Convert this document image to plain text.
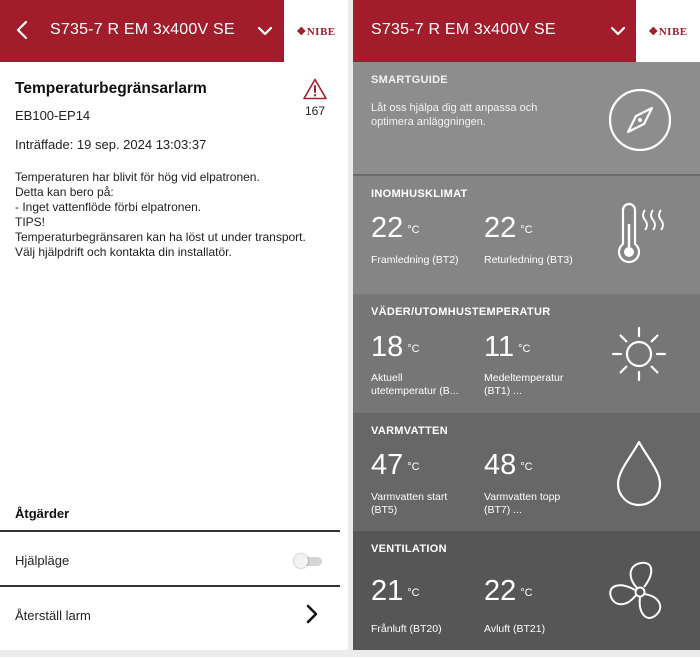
S735-7 R EM 3x400V SE	❖NIBE
Temperaturbegränsarlarm
EB100-EP14
Inträffade: 19 sep. 2024 13:03:37
167
Temperaturen har blivit för hög vid elpatronen.
Detta kan bero på:
- Inget vattenflöde förbi elpatronen.
TIPS!
Temperaturbegränsaren kan ha löst ut under transport.
Välj hjälpdrift och kontakta din installatör.
Åtgärder
Hjälpläge
Återställ larm
S735-7 R EM 3x400V SE	❖NIBE
SMARTGUIDE
Låt oss hjälpa dig att anpassa och
optimera anläggningen.
INOMHUSKLIMAT
22 $^{^\circ C}$
Framledning (BT2)
22 $^{^\circ C}$
Returledning (BT3)
VÄDER/UTOMHUSTEMPERATUR
18 $^{^\circ C}$
Aktuell
utetemperatur (B...
11 $^{^\circ C}$
Medeltemperatur
(BT1) ...
VARMVATTEN
47 $^{^\circ C}$
Varmvatten start
(BT5)
48 $^{^\circ C}$
Varmvatten topp
(BT7) ...
VENTILATION
21 $^{^\circ C}$
Frånluft (BT20)
22 $^{^\circ C}$
Avluft (BT21)
